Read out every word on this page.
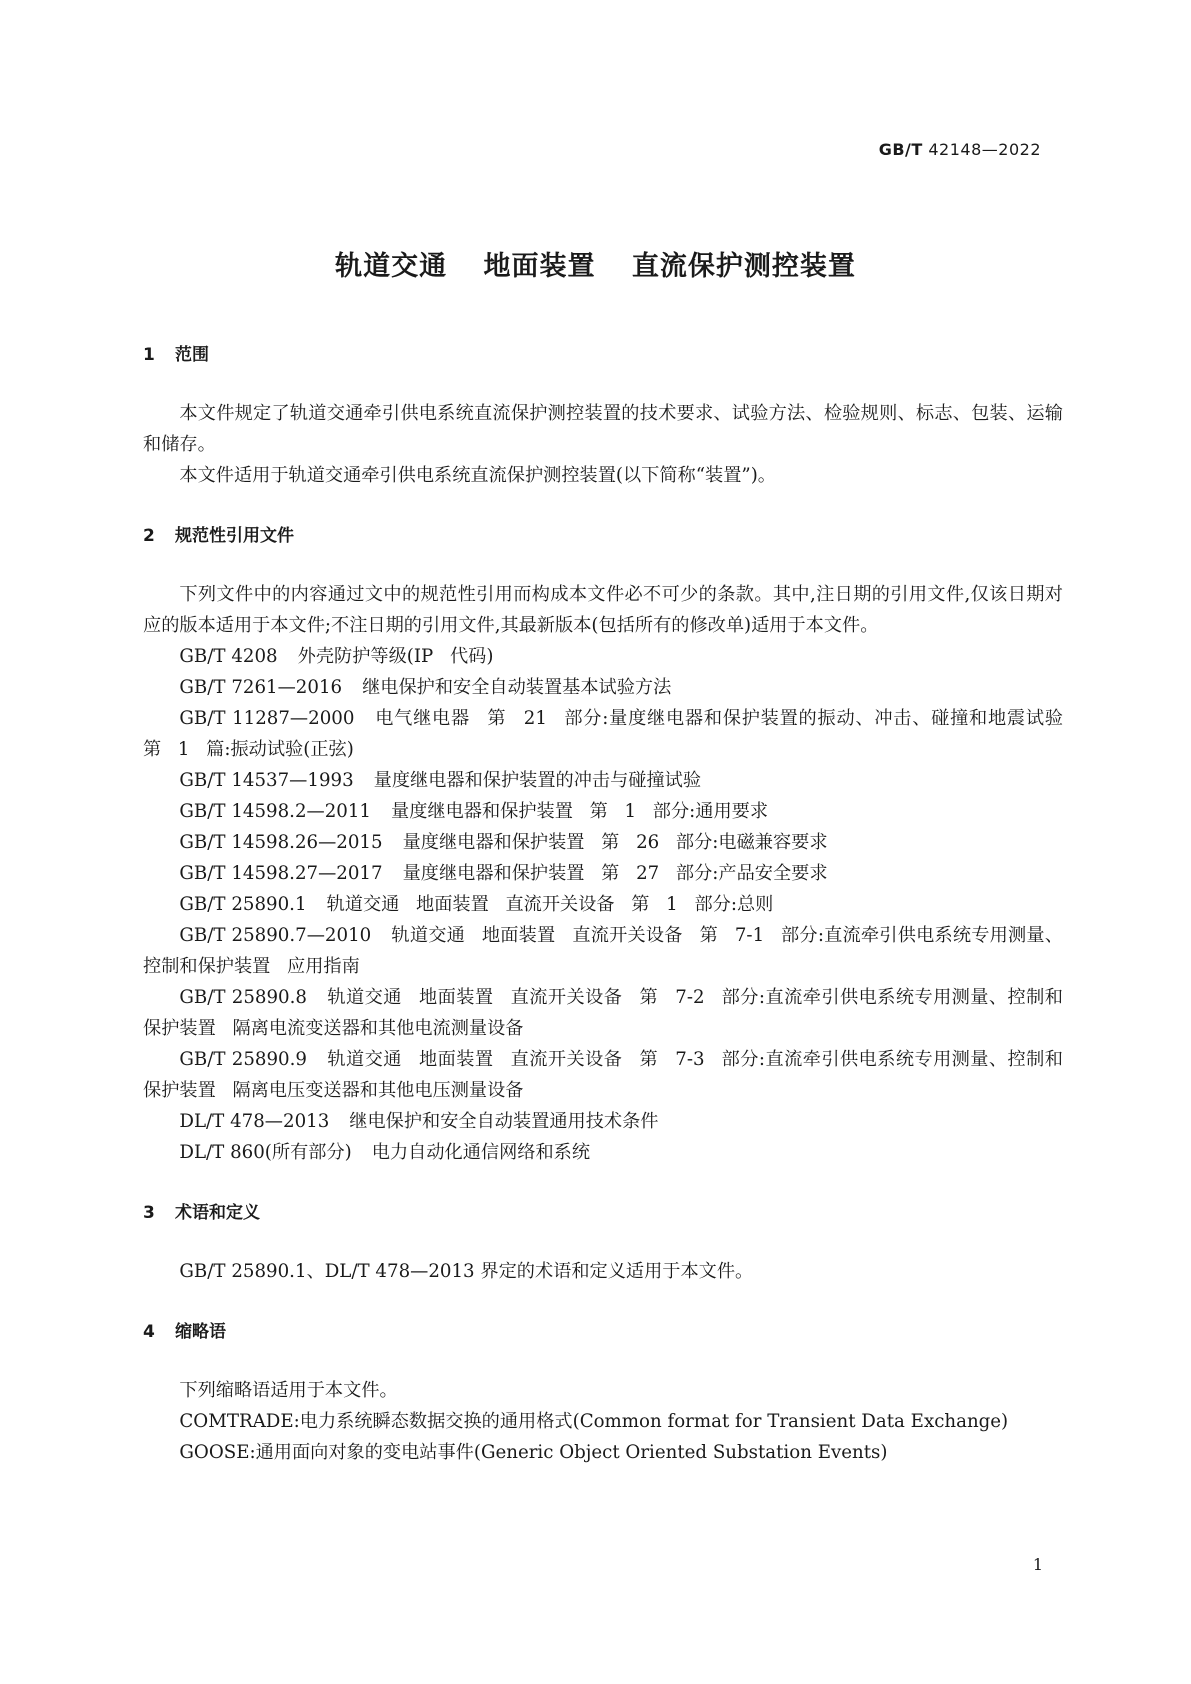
GB/T 42148—2022
轨道交通 地面装置 直流保护测控装置
1 范围
本文件规定了轨道交通牵引供电系统直流保护测控装置的技术要求、试验方法、检验规则、标志、包装、运输和储存。
本文件适用于轨道交通牵引供电系统直流保护测控装置(以下简称“装置”)。
2 规范性引用文件
下列文件中的内容通过文中的规范性引用而构成本文件必不可少的条款。其中,注日期的引用文件,仅该日期对应的版本适用于本文件;不注日期的引用文件,其最新版本(包括所有的修改单)适用于本文件。
GB/T 4208 外壳防护等级(IP 代码)
GB/T 7261—2016 继电保护和安全自动装置基本试验方法
GB/T 11287—2000 电气继电器 第 21 部分:量度继电器和保护装置的振动、冲击、碰撞和地震试验 第 1 篇:振动试验(正弦)
GB/T 14537—1993 量度继电器和保护装置的冲击与碰撞试验
GB/T 14598.2—2011 量度继电器和保护装置 第 1 部分:通用要求
GB/T 14598.26—2015 量度继电器和保护装置 第 26 部分:电磁兼容要求
GB/T 14598.27—2017 量度继电器和保护装置 第 27 部分:产品安全要求
GB/T 25890.1 轨道交通 地面装置 直流开关设备 第 1 部分:总则
GB/T 25890.7—2010 轨道交通 地面装置 直流开关设备 第 7-1 部分:直流牵引供电系统专用测量、控制和保护装置 应用指南
GB/T 25890.8 轨道交通 地面装置 直流开关设备 第 7-2 部分:直流牵引供电系统专用测量、控制和保护装置 隔离电流变送器和其他电流测量设备
GB/T 25890.9 轨道交通 地面装置 直流开关设备 第 7-3 部分:直流牵引供电系统专用测量、控制和保护装置 隔离电压变送器和其他电压测量设备
DL/T 478—2013 继电保护和安全自动装置通用技术条件
DL/T 860(所有部分) 电力自动化通信网络和系统
3 术语和定义
GB/T 25890.1、DL/T 478—2013 界定的术语和定义适用于本文件。
4 缩略语
下列缩略语适用于本文件。
COMTRADE:电力系统瞬态数据交换的通用格式(Common format for Transient Data Exchange)
GOOSE:通用面向对象的变电站事件(Generic Object Oriented Substation Events)
1
